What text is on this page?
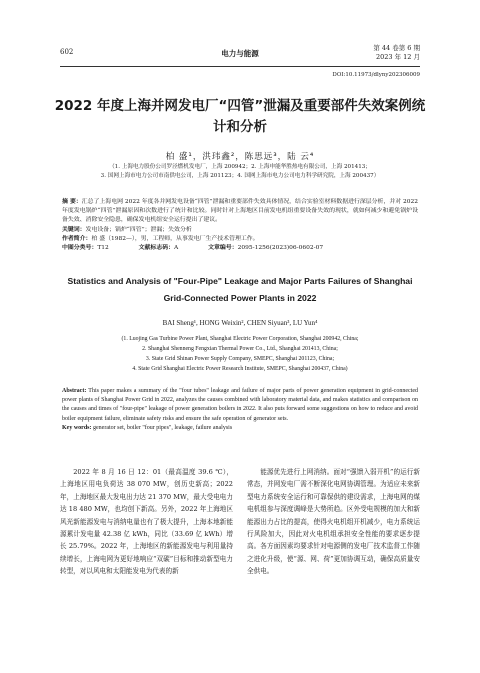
602	电力与能源
第 44 卷第 6 期
2023 年 12 月
DOI:10.11973/dlyny202306009
2022 年度上海并网发电厂“四管”泄漏及重要部件失效案例统计和分析
柏 盛¹，洪玮鑫²，陈思远³，陆 云⁴
（1. 上海电力股份公司罗泾燃机发电厂，上海 200942；2. 上海申能华胜热电有限公司，上海 201413；
3. 国网上海市电力公司市南供电公司，上海 201123；4. 国网上海市电力公司电力科学研究院，上海 200437）
摘 要：汇总了上海电网 2022 年度各并网发电设备“四管”泄漏和重要部件失效具体情况，结合实验室材料数据进行深层分析，并对 2022 年度发电锅炉“四管”泄漏原因和次数进行了统计和比较。同时针对上海地区目前发电机组重要设备失效的现状，就如何减少和避免锅炉设备失效、消除安全隐患，确保发电机组安全运行提出了建议。
关键词：发电设备；锅炉“四管”；泄漏；失效分析
作者简介：柏 盛（1982—），男，工程师，从事发电厂生产技术管理工作。
中图分类号：T12	文献标志码：A	文章编号：2095-1256(2023)06-0602-07
Statistics and Analysis of "Four-Pipe" Leakage and Major Parts Failures of Shanghai Grid-Connected Power Plants in 2022
BAI Sheng¹, HONG Weixin², CHEN Siyuan³, LU Yun⁴
(1. Luojing Gas Turbine Power Plant, Shanghai Electric Power Corporation, Shanghai 200942, China;
2. Shanghai Shenneng Fengxian Thermal Power Co., Ltd., Shanghai 201413, China;
3. State Grid Shinan Power Supply Company, SMEPC, Shanghai 201123, China;
4. State Grid Shanghai Electric Power Research Institute, SMEPC, Shanghai 200437, China)
Abstract: This paper makes a summary of the "four tubes" leakage and failure of major parts of power generation equipment in grid-connected power plants of Shanghai Power Grid in 2022, analyzes the causes combined with laboratory material data, and makes statistics and comparison on the causes and times of "four-pipe" leakage of power generation boilers in 2022. It also puts forward some suggestions on how to reduce and avoid boiler equipment failure, eliminate safety risks and ensure the safe operation of generator sets.
Key words: generator set, boiler "four pipes", leakage, failure analysis
2022 年 8 月 16 日 12：01（最高温度 39.6 ℃），上海地区用电负荷达 38 070 MW，创历史新高；2022 年，上海地区最大发电出力达 21 370 MW，最大受电电力达 18 480 MW，也均创下新高。另外，2022 年上海地区风光新能源发电与消纳电量也有了极大提升，上海本地新能源累计发电量 42.38 亿 kWh，同比（33.69 亿 kWh）增长 25.79%。2022 年，上海地区的新能源发电与利用量持续增长，上海电网为更好地响应“双碳”目标和推动新型电力转型，对以风电和太阳能发电为代表的新
能源优先进行上网消纳。面对“强馈入弱开机”的运行新常态，并网发电厂需不断深化电网协调管理。为适应未来新型电力系统安全运行和可靠保供的建设需求，上海电网的煤电机组参与深度调峰是大势所趋。区外受电规模的加大和新能源出力占比的提高，使得火电机组开机减少，电力系统运行风险加大，因此对火电机组承担安全性能的要求逐步提高。各方面因素均要求针对电源侧的发电厂技术监督工作随之进化升级，使“源、网、荷”更加协调互动，确保高质量安全供电。
